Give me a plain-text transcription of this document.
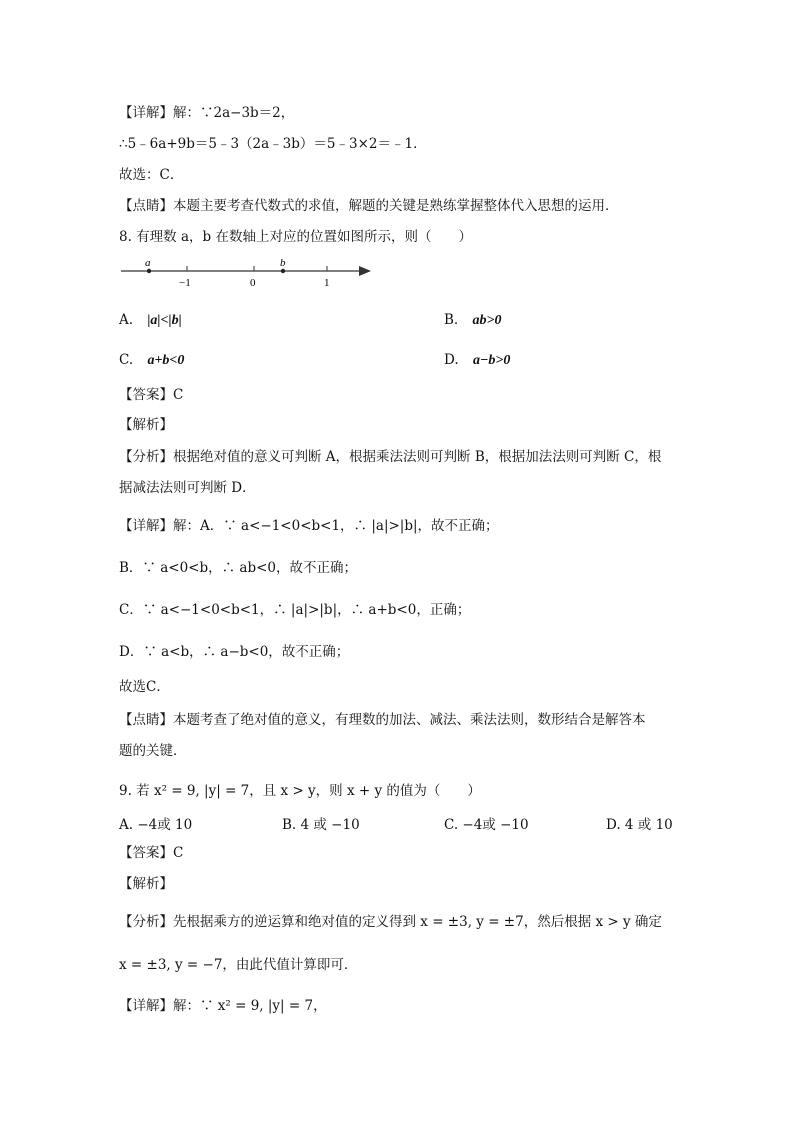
【详解】解：∵2a−3b＝2，
∴5﹣6a+9b＝5﹣3（2a﹣3b）＝5﹣3×2＝﹣1．
故选：C．
【点睛】本题主要考查代数式的求值，解题的关键是熟练掌握整体代入思想的运用．
8. 有理数 a，b 在数轴上对应的位置如图所示，则（　　）
a	b
−1	0	1
A. |a|<|b|	B. ab>0
C. a+b<0	D. a−b>0
【答案】C
【解析】
【分析】根据绝对值的意义可判断 A，根据乘法法则可判断 B，根据加法法则可判断 C，根
据减法法则可判断 D．
【详解】解：A．∵ a<−1<0<b<1，∴ |a|>|b|，故不正确；
B．∵ a<0<b，∴ ab<0，故不正确；
C．∵ a<−1<0<b<1，∴ |a|>|b|，∴ a+b<0，正确；
D．∵ a<b，∴ a−b<0，故不正确；
故选C．
【点睛】本题考查了绝对值的意义，有理数的加法、减法、乘法法则，数形结合是解答本
题的关键．
9. 若 x² = 9, |y| = 7，且 x > y，则 x + y 的值为（　　）
A. −4或 10	B. 4 或 −10	C. −4或 −10	D. 4 或 10
【答案】C
【解析】
【分析】先根据乘方的逆运算和绝对值的定义得到 x = ±3, y = ±7，然后根据 x > y 确定
x = ±3, y = −7，由此代值计算即可．
【详解】解：∵ x² = 9, |y| = 7，
